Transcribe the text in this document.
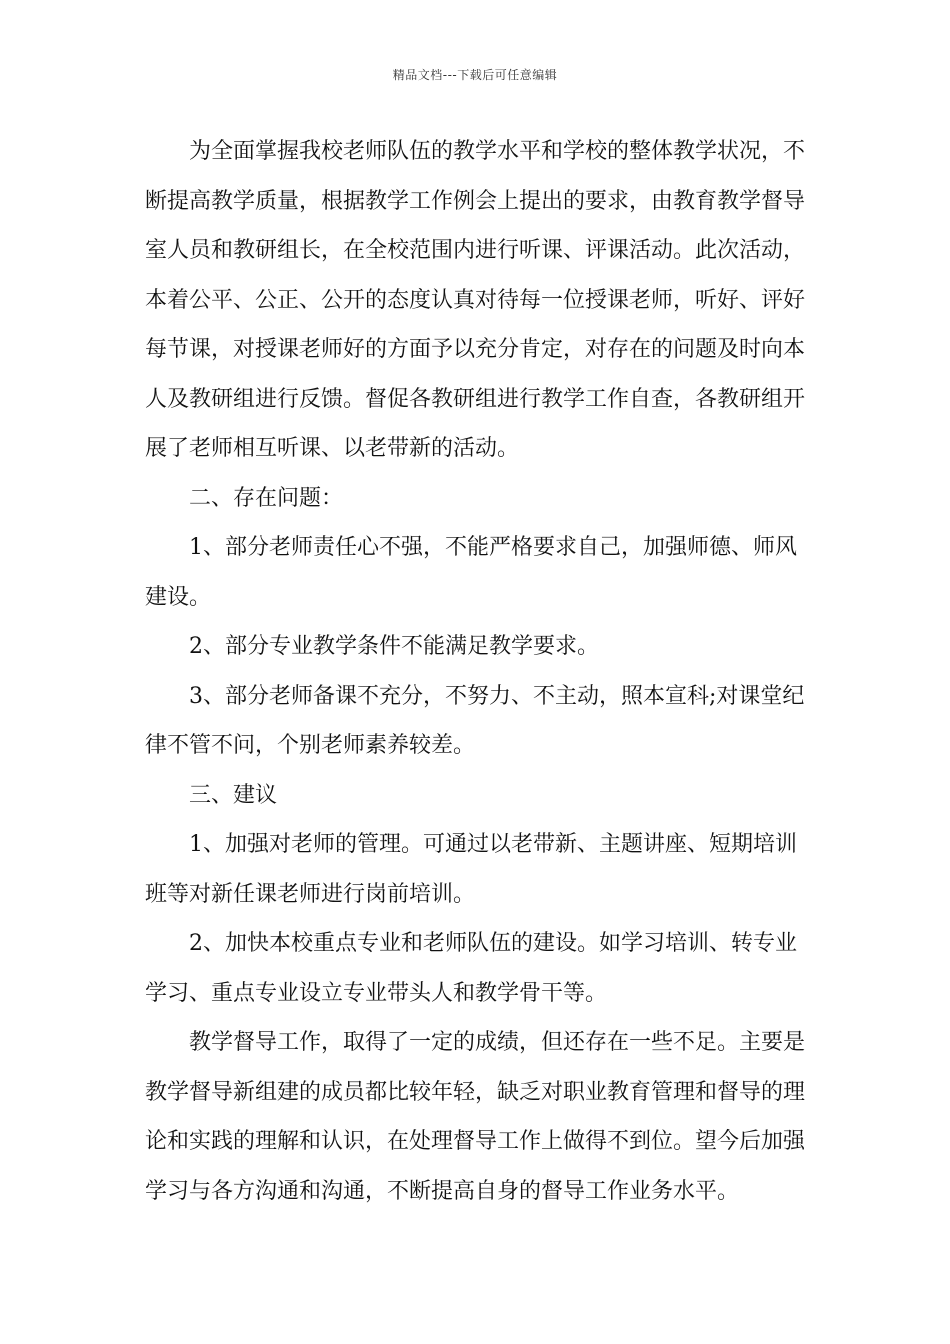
精品文档---下载后可任意编辑

为全面掌握我校老师队伍的教学水平和学校的整体教学状况，不断提高教学质量，根据教学工作例会上提出的要求，由教育教学督导室人员和教研组长，在全校范围内进行听课、评课活动。此次活动，本着公平、公正、公开的态度认真对待每一位授课老师，听好、评好每节课，对授课老师好的方面予以充分肯定，对存在的问题及时向本人及教研组进行反馈。督促各教研组进行教学工作自查，各教研组开展了老师相互听课、以老带新的活动。

二、存在问题：

1、部分老师责任心不强，不能严格要求自己，加强师德、师风建设。

2、部分专业教学条件不能满足教学要求。

3、部分老师备课不充分，不努力、不主动，照本宣科;对课堂纪律不管不问，个别老师素养较差。

三、建议

1、加强对老师的管理。可通过以老带新、主题讲座、短期培训班等对新任课老师进行岗前培训。

2、加快本校重点专业和老师队伍的建设。如学习培训、转专业学习、重点专业设立专业带头人和教学骨干等。

教学督导工作，取得了一定的成绩，但还存在一些不足。主要是教学督导新组建的成员都比较年轻，缺乏对职业教育管理和督导的理论和实践的理解和认识，在处理督导工作上做得不到位。望今后加强学习与各方沟通和沟通，不断提高自身的督导工作业务水平。
